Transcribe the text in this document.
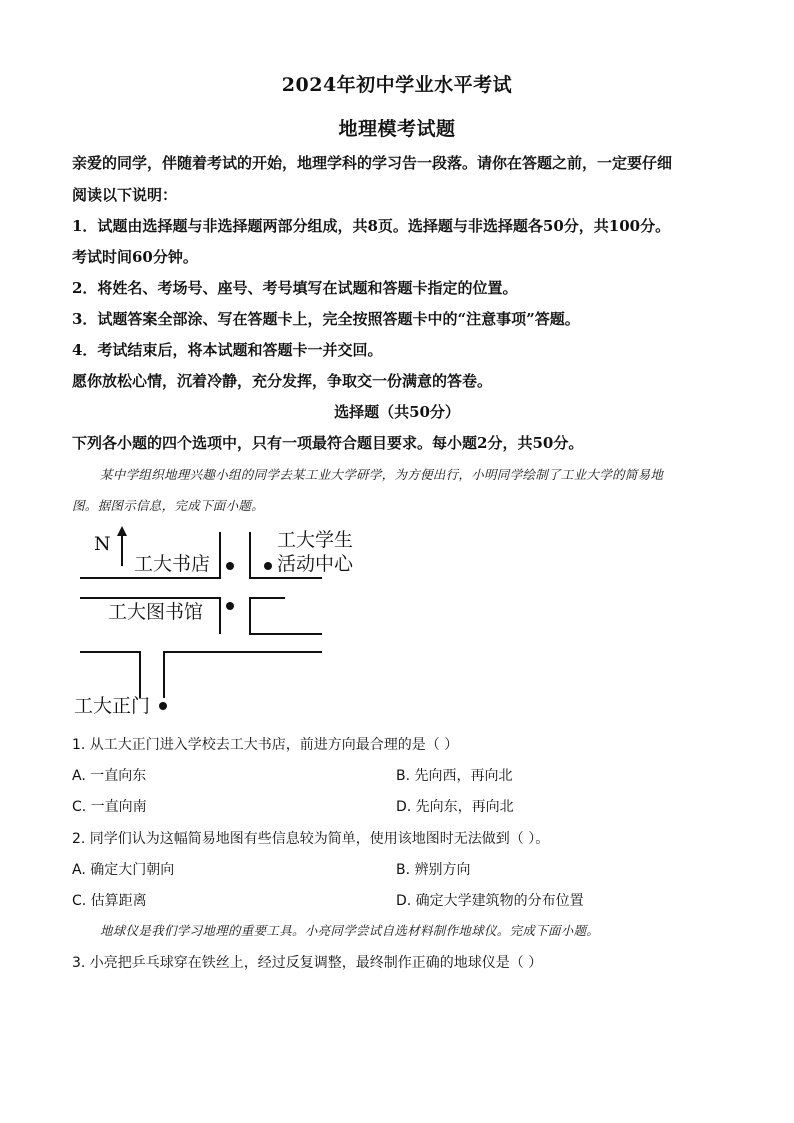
2024年初中学业水平考试
地理模考试题
亲爱的同学，伴随着考试的开始，地理学科的学习告一段落。请你在答题之前，一定要仔细
阅读以下说明：
1．试题由选择题与非选择题两部分组成，共8页。选择题与非选择题各50分，共100分。
考试时间60分钟。
2．将姓名、考场号、座号、考号填写在试题和答题卡指定的位置。
3．试题答案全部涂、写在答题卡上，完全按照答题卡中的“注意事项”答题。
4．考试结束后，将本试题和答题卡一并交回。
愿你放松心情，沉着冷静，充分发挥，争取交一份满意的答卷。
选择题（共50分）
下列各小题的四个选项中，只有一项最符合题目要求。每小题2分，共50分。
某中学组织地理兴趣小组的同学去某工业大学研学，为方便出行，小明同学绘制了工业大学的简易地
图。据图示信息，完成下面小题。
N
工大书店
工大学生
活动中心
工大图书馆
工大正门
1. 从工大正门进入学校去工大书店，前进方向最合理的是（ ）
A. 一直向东	B. 先向西，再向北
C. 一直向南	D. 先向东，再向北
2. 同学们认为这幅简易地图有些信息较为简单，使用该地图时无法做到（ ）。
A. 确定大门朝向	B. 辨别方向
C. 估算距离	D. 确定大学建筑物的分布位置
地球仪是我们学习地理的重要工具。小亮同学尝试自选材料制作地球仪。完成下面小题。
3. 小亮把乒乓球穿在铁丝上，经过反复调整，最终制作正确的地球仪是（ ）
